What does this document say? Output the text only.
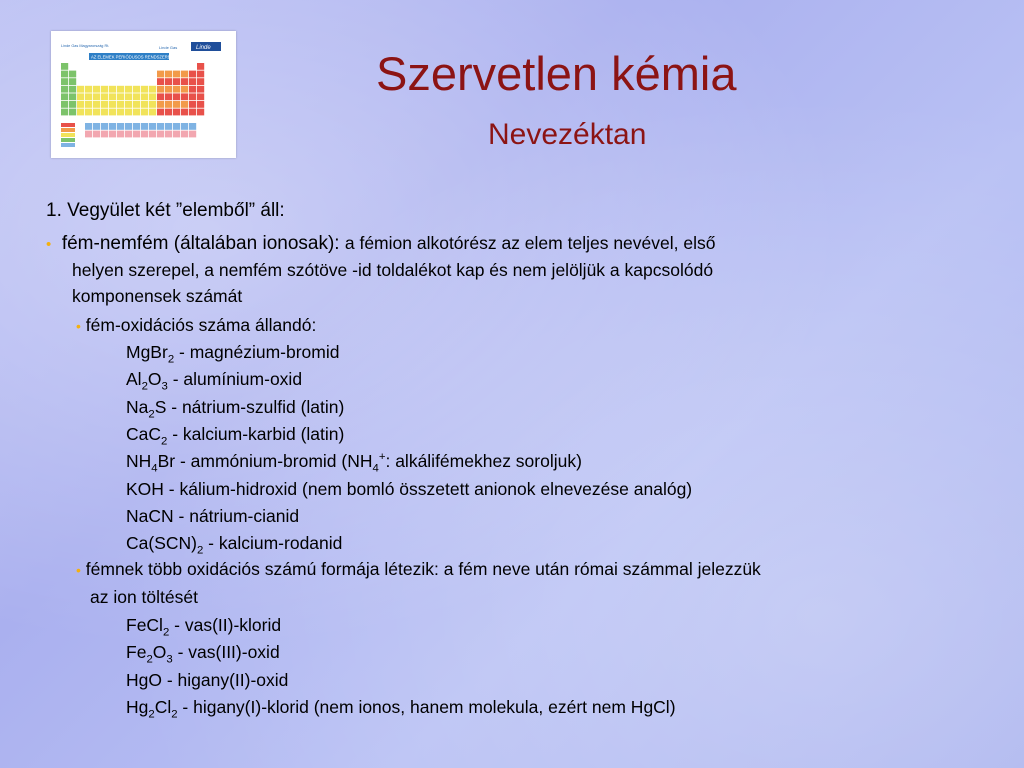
Linde Gas Magyarország Rt.	Linde Gas	Linde
AZ ELEMEK PERIÓDUSOS RENDSZERE	Szervetlen kémia
Nevezéktan
1. Vegyület két ”elemből” áll:
• fém-nemfém (általában ionosak): a fémion alkotórész az elem teljes nevével, első
helyen szerepel, a nemfém szótöve -id toldalékot kap és nem jelöljük a kapcsolódó
komponensek számát
• fém-oxidációs száma állandó:
MgBr$_2$ - magnézium-bromid
$Al_2O_3$ - alumínium-oxid
$Na_2S$ - nátrium-szulfid (latin)
CaC$_2$ - kalcium-karbid (latin)
$NH_4Br$ - ammónium-bromid ($NH_4^+$: alkálifémekhez soroljuk)
KOH - kálium-hidroxid (nem bomló összetett anionok elnevezése analóg)
NaCN - nátrium-cianid
$Ca(SCN)_2$ - kalcium-rodanid
• fémnek több oxidációs számú formája létezik: a fém neve után római számmal jelezzük
az ion töltését
FeCl$_2$ - vas(II)-klorid
$Fe_2O_3$ - vas(III)-oxid
HgO - higany(II)-oxid
$Hg_2Cl_2$ - higany(I)-klorid (nem ionos, hanem molekula, ezért nem HgCl)
